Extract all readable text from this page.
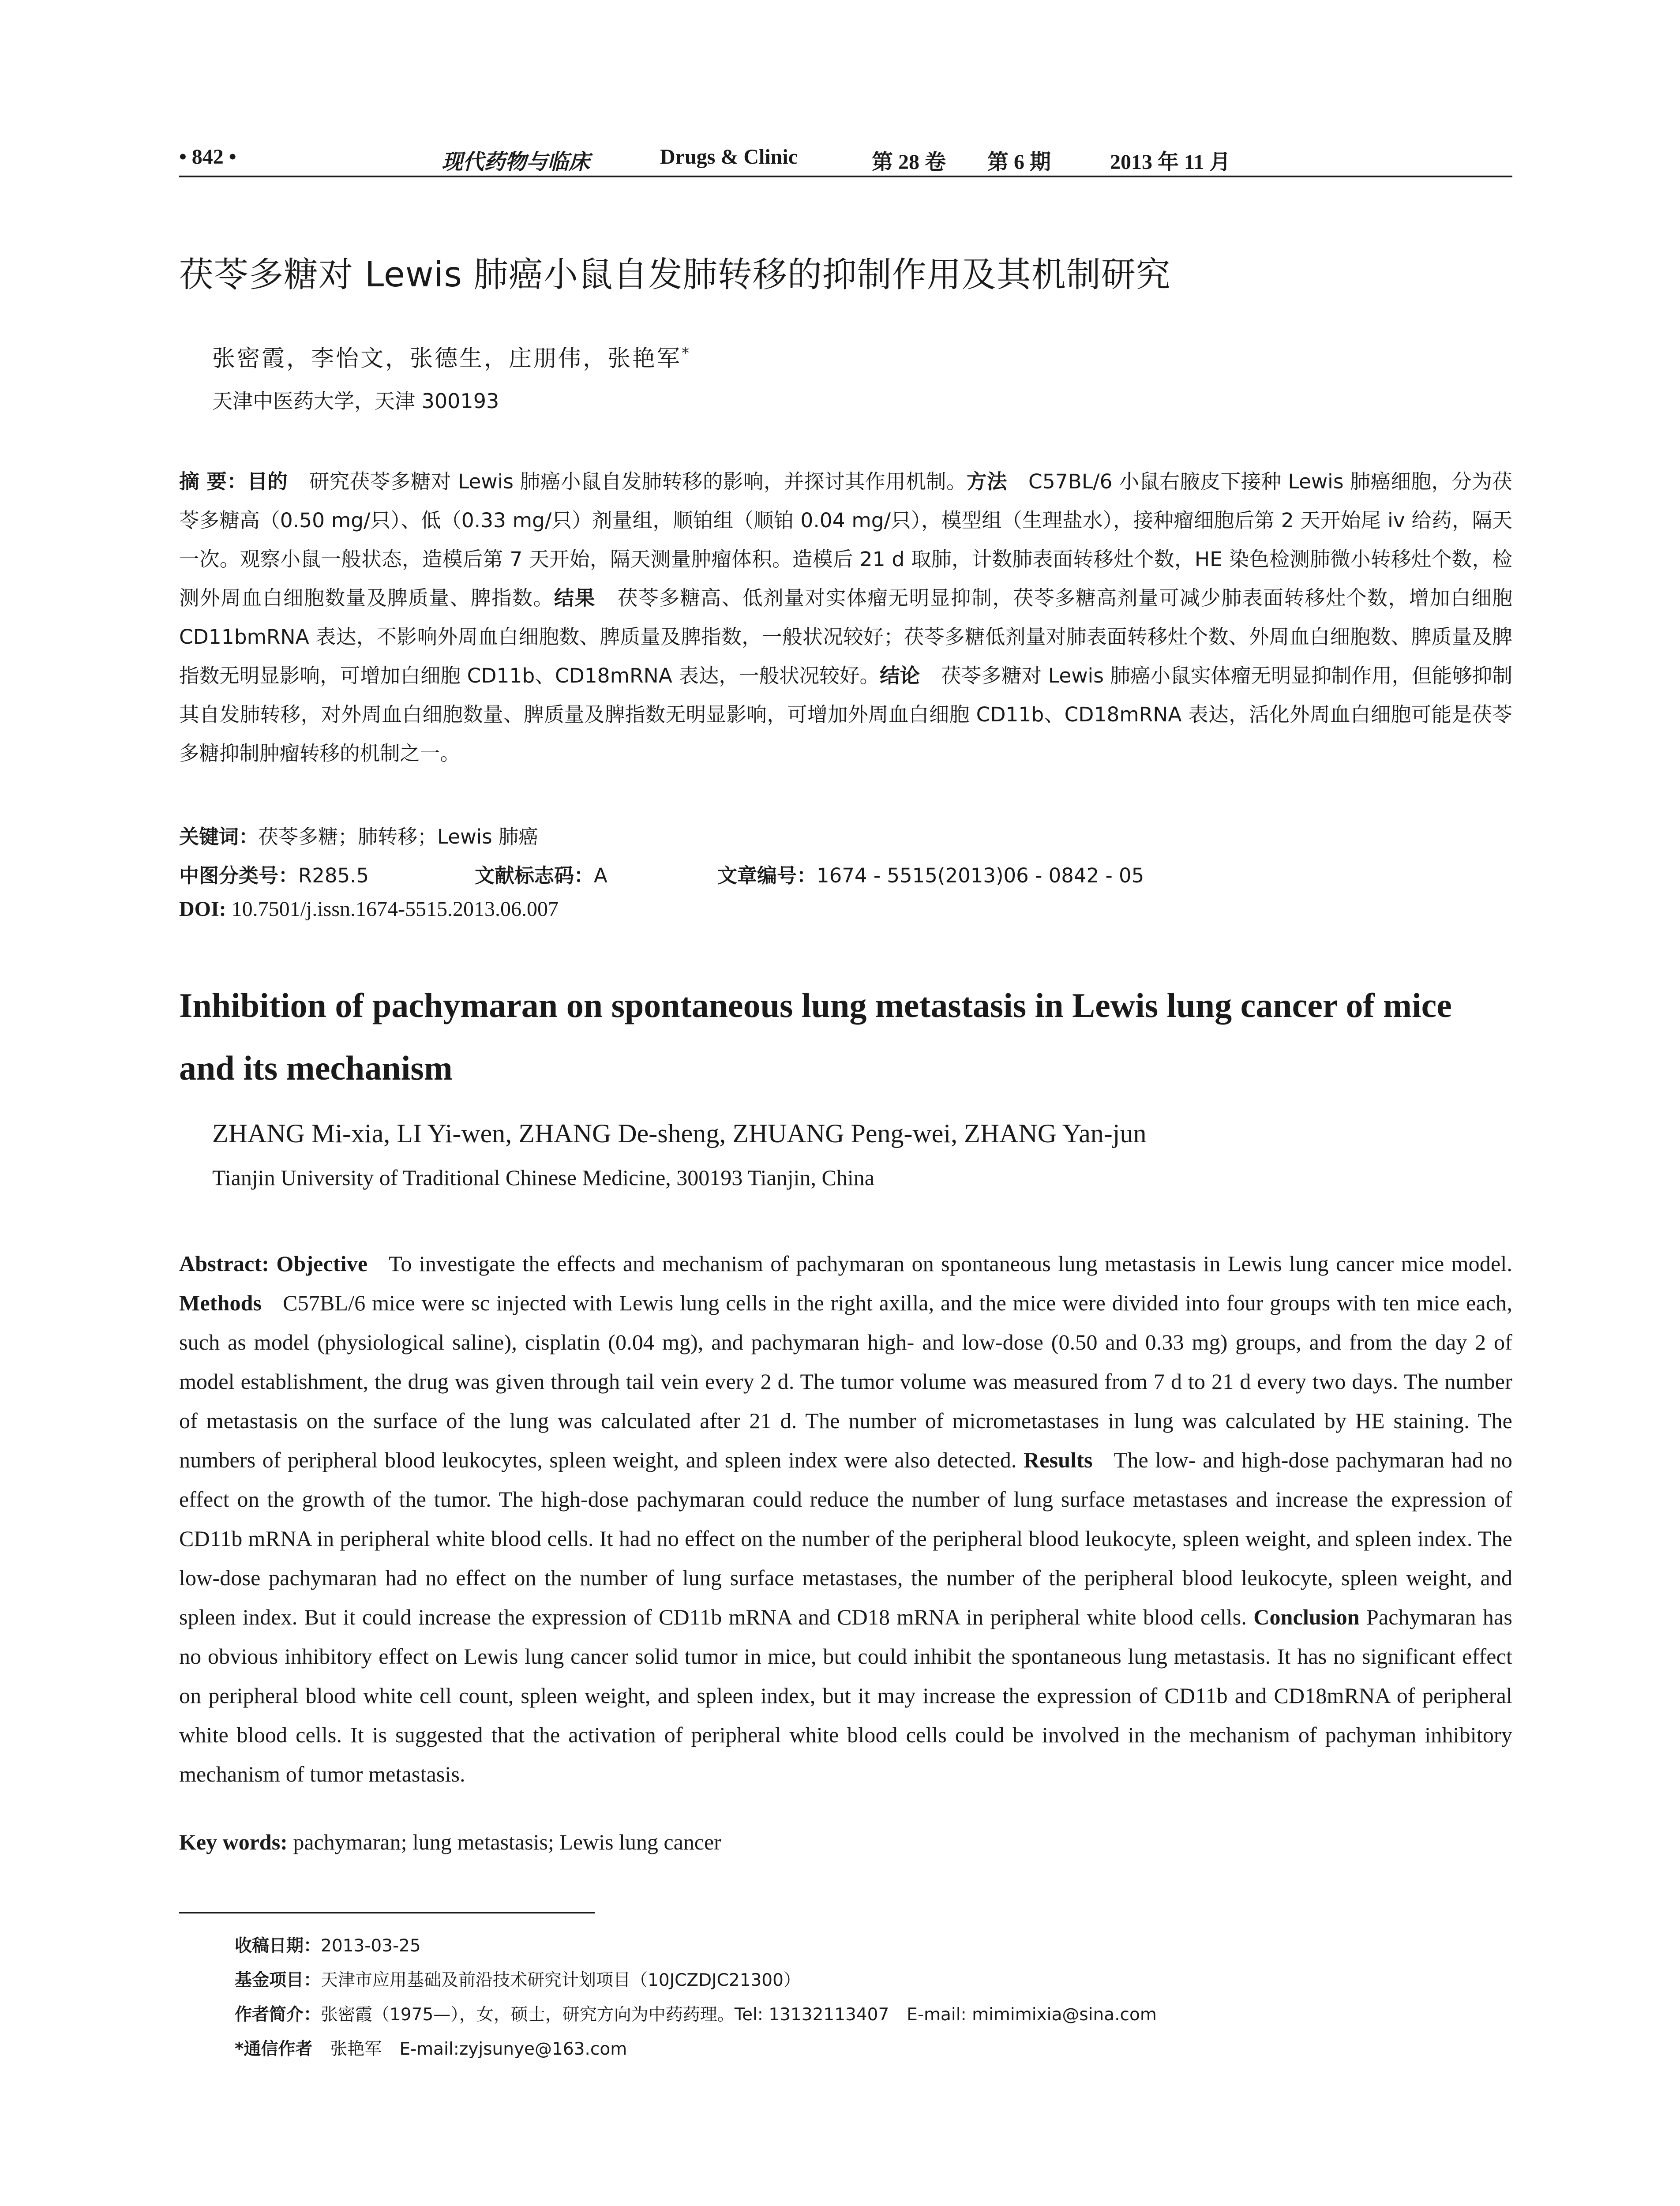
• 842 •	现代药物与临床	Drugs & Clinic	第 28 卷 第 6 期	2013 年 11 月
茯苓多糖对 Lewis 肺癌小鼠自发肺转移的抑制作用及其机制研究
张密霞，李怡文，张德生，庄朋伟，张艳军*
天津中医药大学，天津 300193

摘 要：目的 研究茯苓多糖对 Lewis 肺癌小鼠自发肺转移的影响，并探讨其作用机制。方法 C57BL/6 小鼠右腋皮下接种 Lewis 肺癌细胞，分为茯苓多糖高（0.50 mg/只）、低（0.33 mg/只）剂量组，顺铂组（顺铂 0.04 mg/只），模型组（生理盐水），接种瘤细胞后第 2 天开始尾 iv 给药，隔天一次。观察小鼠一般状态，造模后第 7 天开始，隔天测量肿瘤体积。造模后 21 d 取肺，计数肺表面转移灶个数，HE 染色检测肺微小转移灶个数，检测外周血白细胞数量及脾质量、脾指数。结果 茯苓多糖高、低剂量对实体瘤无明显抑制，茯苓多糖高剂量可减少肺表面转移灶个数，增加白细胞 CD11bmRNA 表达，不影响外周血白细胞数、脾质量及脾指数，一般状况较好；茯苓多糖低剂量对肺表面转移灶个数、外周血白细胞数、脾质量及脾指数无明显影响，可增加白细胞 CD11b、CD18mRNA 表达，一般状况较好。结论 茯苓多糖对 Lewis 肺癌小鼠实体瘤无明显抑制作用，但能够抑制其自发肺转移，对外周血白细胞数量、脾质量及脾指数无明显影响，可增加外周血白细胞 CD11b、CD18mRNA 表达，活化外周血白细胞可能是茯苓多糖抑制肿瘤转移的机制之一。

关键词：茯苓多糖；肺转移；Lewis 肺癌
中图分类号：R285.5	文献标志码：A	文章编号：1674 - 5515(2013)06 - 0842 - 05
DOI: 10.7501/j.issn.1674-5515.2013.06.007
Inhibition of pachymaran on spontaneous lung metastasis in Lewis lung cancer of mice and its mechanism
ZHANG Mi-xia, LI Yi-wen, ZHANG De-sheng, ZHUANG Peng-wei, ZHANG Yan-jun
Tianjin University of Traditional Chinese Medicine, 300193 Tianjin, China

Abstract: Objective To investigate the effects and mechanism of pachymaran on spontaneous lung metastasis in Lewis lung cancer mice model. Methods C57BL/6 mice were sc injected with Lewis lung cells in the right axilla, and the mice were divided into four groups with ten mice each, such as model (physiological saline), cisplatin (0.04 mg), and pachymaran high- and low-dose (0.50 and 0.33 mg) groups, and from the day 2 of model establishment, the drug was given through tail vein every 2 d. The tumor volume was measured from 7 d to 21 d every two days. The number of metastasis on the surface of the lung was calculated after 21 d. The number of micrometastases in lung was calculated by HE staining. The numbers of peripheral blood leukocytes, spleen weight, and spleen index were also detected. Results The low- and high-dose pachymaran had no effect on the growth of the tumor. The high-dose pachymaran could reduce the number of lung surface metastases and increase the expression of CD11b mRNA in peripheral white blood cells. It had no effect on the number of the peripheral blood leukocyte, spleen weight, and spleen index. The low-dose pachymaran had no effect on the number of lung surface metastases, the number of the peripheral blood leukocyte, spleen weight, and spleen index. But it could increase the expression of CD11b mRNA and CD18 mRNA in peripheral white blood cells. Conclusion Pachymaran has no obvious inhibitory effect on Lewis lung cancer solid tumor in mice, but could inhibit the spontaneous lung metastasis. It has no significant effect on peripheral blood white cell count, spleen weight, and spleen index, but it may increase the expression of CD11b and CD18mRNA of peripheral white blood cells. It is suggested that the activation of peripheral white blood cells could be involved in the mechanism of pachyman inhibitory mechanism of tumor metastasis.

Key words: pachymaran; lung metastasis; Lewis lung cancer
收稿日期：2013-03-25
基金项目：天津市应用基础及前沿技术研究计划项目（10JCZDJC21300）
作者简介：张密霞（1975—），女，硕士，研究方向为中药药理。Tel: 13132113407 E-mail: mimimixia@sina.com
*通信作者 张艳军 E-mail:zyjsunye@163.com
